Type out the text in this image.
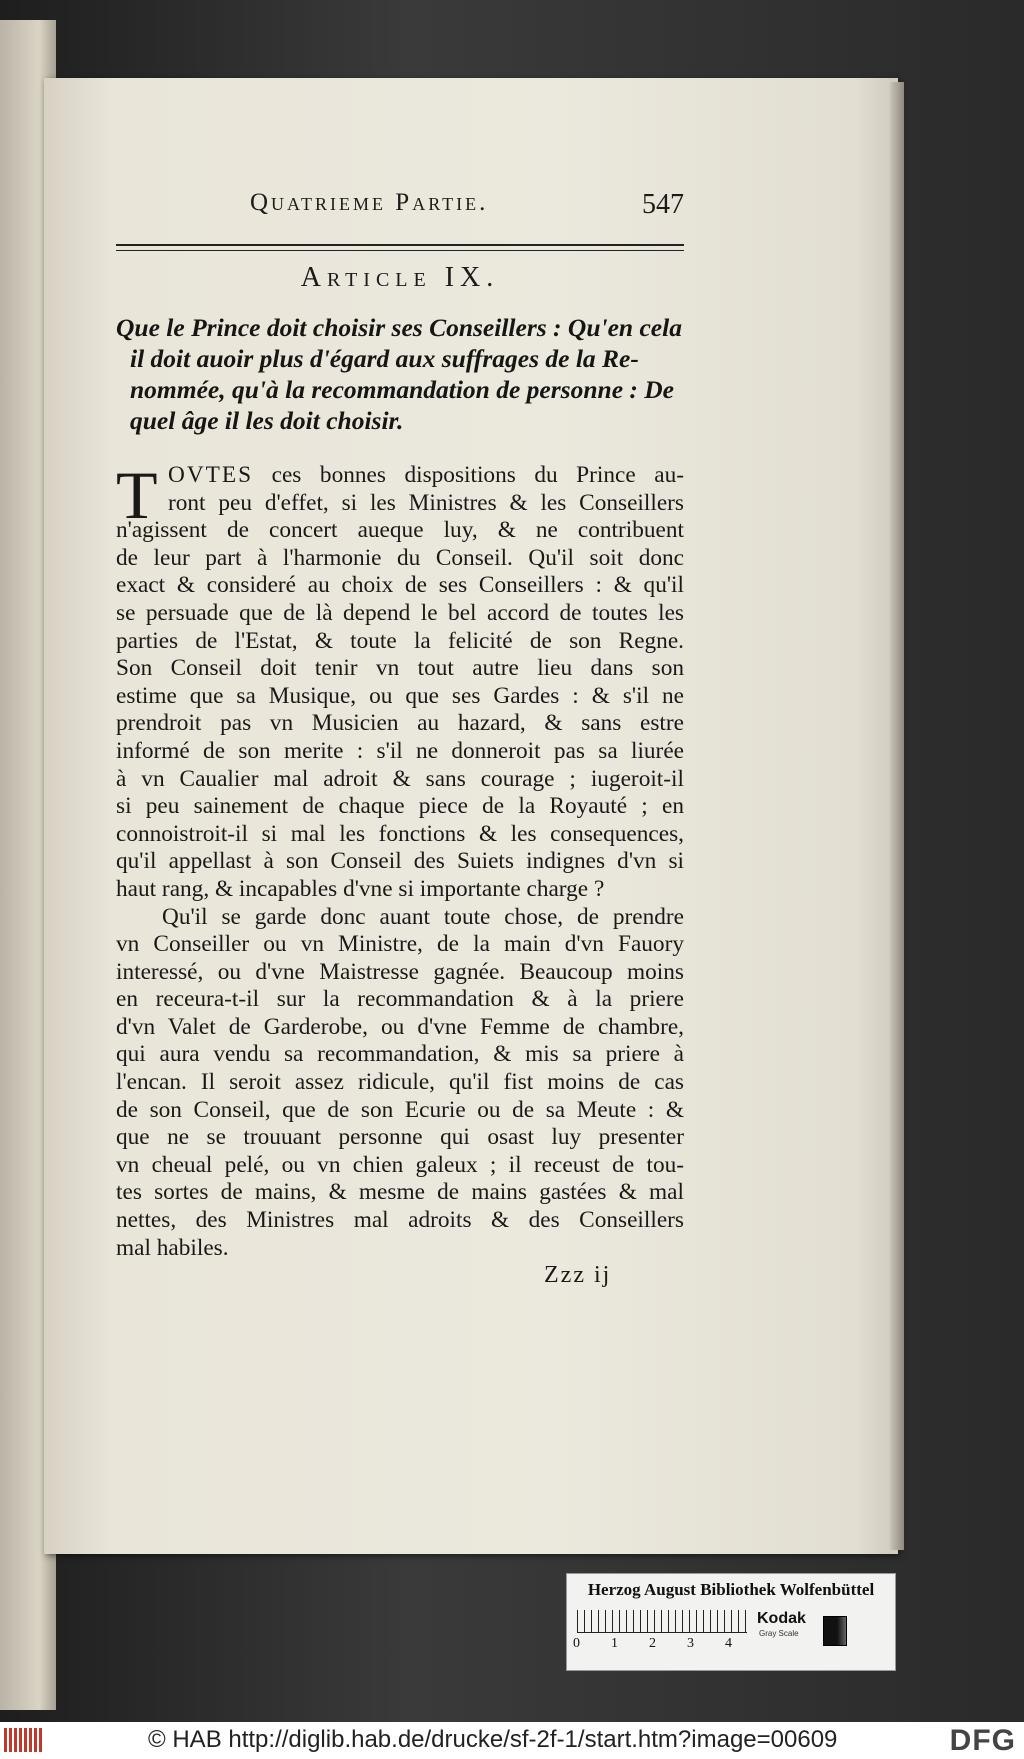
Quatrieme Partie.	547
Article IX.
Que le Prince doit choisir ses Conseillers : Qu'en cela
il doit auoir plus d'égard aux suffrages de la Re-
nommée, qu'à la recommandation de personne : De
quel âge il les doit choisir.
T OVTES ces bonnes dispositions du Prince au-
ront peu d'effet, si les Ministres & les Conseillers
n'agissent de concert aueque luy, & ne contribuent
de leur part à l'harmonie du Conseil. Qu'il soit donc
exact & consideré au choix de ses Conseillers : & qu'il
se persuade que de là depend le bel accord de toutes les
parties de l'Estat, & toute la felicité de son Regne.
Son Conseil doit tenir vn tout autre lieu dans son
estime que sa Musique, ou que ses Gardes : & s'il ne
prendroit pas vn Musicien au hazard, & sans estre
informé de son merite : s'il ne donneroit pas sa liurée
à vn Caualier mal adroit & sans courage ; iugeroit-il
si peu sainement de chaque piece de la Royauté ; en
connoistroit-il si mal les fonctions & les consequences,
qu'il appellast à son Conseil des Suiets indignes d'vn si
haut rang, & incapables d'vne si importante charge ?
Qu'il se garde donc auant toute chose, de prendre
vn Conseiller ou vn Ministre, de la main d'vn Fauory
interessé, ou d'vne Maistresse gagnée. Beaucoup moins
en receura-t-il sur la recommandation & à la priere
d'vn Valet de Garderobe, ou d'vne Femme de chambre,
qui aura vendu sa recommandation, & mis sa priere à
l'encan. Il seroit assez ridicule, qu'il fist moins de cas
de son Conseil, que de son Ecurie ou de sa Meute : &
que ne se trouuant personne qui osast luy presenter
vn cheual pelé, ou vn chien galeux ; il receust de tou-
tes sortes de mains, & mesme de mains gastées & mal
nettes, des Ministres mal adroits & des Conseillers
mal habiles.
Zzz ij
Herzog August Bibliothek Wolfenbüttel
0 1 2 3 4
Kodak
Gray Scale
© HAB http://diglib.hab.de/drucke/sf-2f-1/start.htm?image=00609	DFG
